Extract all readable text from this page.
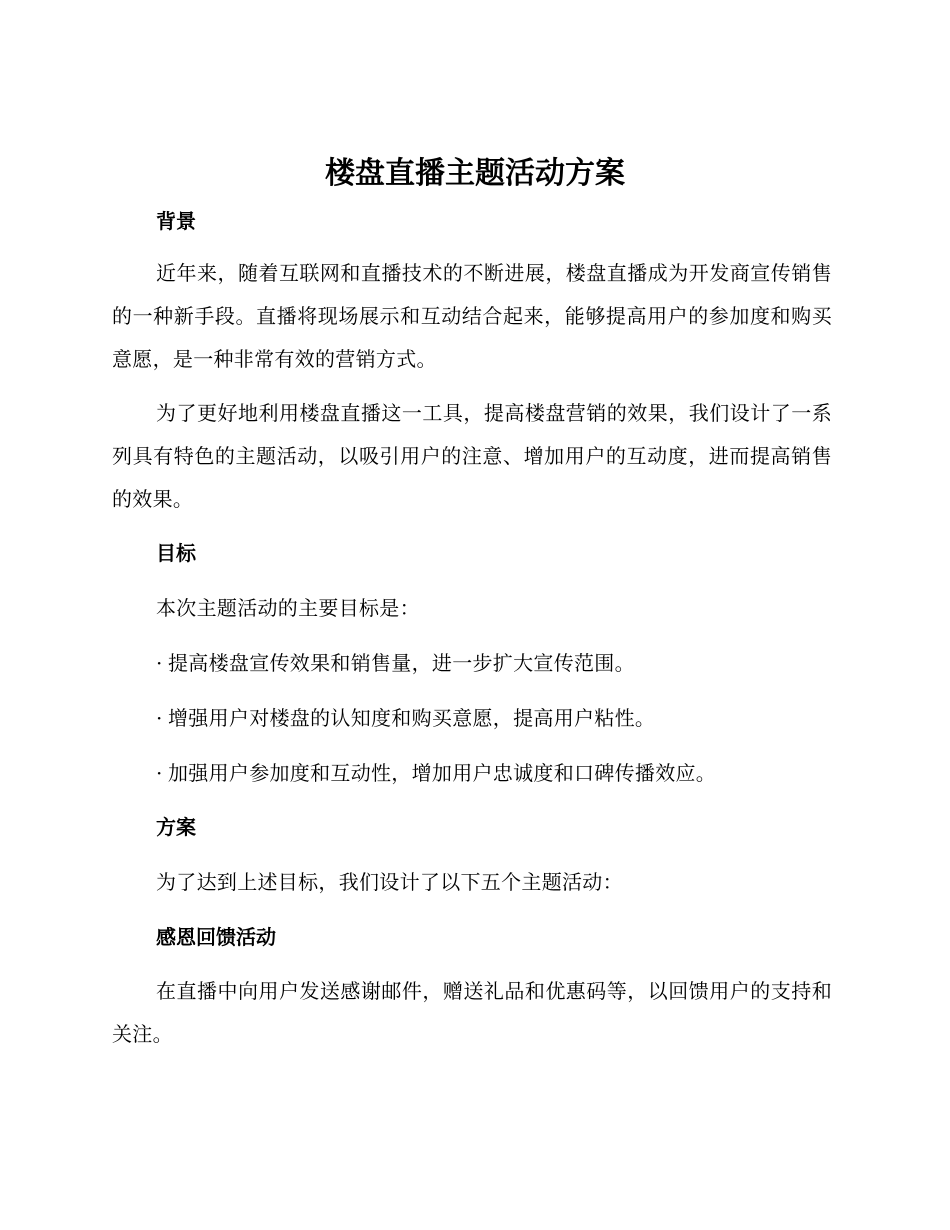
楼盘直播主题活动方案
背景

近年来，随着互联网和直播技术的不断进展，楼盘直播成为开发商宣传销售的一种新手段。直播将现场展示和互动结合起来，能够提高用户的参加度和购买意愿，是一种非常有效的营销方式。

为了更好地利用楼盘直播这一工具，提高楼盘营销的效果，我们设计了一系列具有特色的主题活动，以吸引用户的注意、增加用户的互动度，进而提高销售的效果。

目标

本次主题活动的主要目标是：

· 提高楼盘宣传效果和销售量，进一步扩大宣传范围。

· 增强用户对楼盘的认知度和购买意愿，提高用户粘性。

· 加强用户参加度和互动性，增加用户忠诚度和口碑传播效应。

方案

为了达到上述目标，我们设计了以下五个主题活动：

感恩回馈活动

在直播中向用户发送感谢邮件，赠送礼品和优惠码等，以回馈用户的支持和关注。
